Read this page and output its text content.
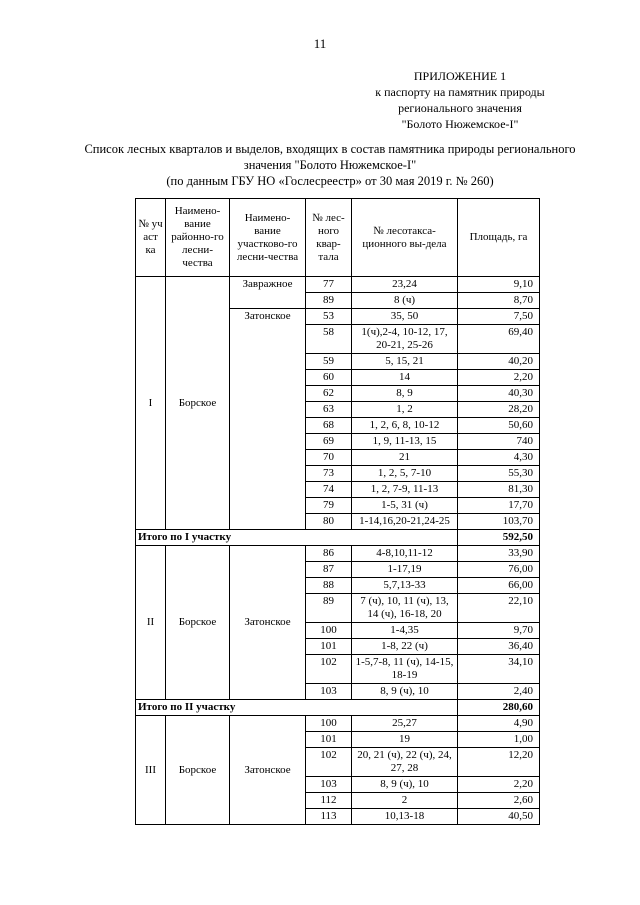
11
ПРИЛОЖЕНИЕ 1
к паспорту на памятник природы
регионального значения
"Болото Нюжемское-I"
Список лесных кварталов и выделов, входящих в состав памятника природы регионального
значения "Болото Нюжемское-I"
(по данным ГБУ НО «Гослесреестр» от 30 мая 2019 г. № 260)
№ уч аст ка	Наимено-вание районно-го лесни-чества	Наимено-вание участково-го лесни-чества	№ лес-ного квар-тала	№ лесотакса-ционного вы-дела	Площадь, га
I	Борское	Завражное	77	23,24	9,10
			89	8 (ч)	8,70
		Затонское	53	35, 50	7,50
			58	1(ч),2-4, 10-12, 17, 20-21, 25-26	69,40
			59	5, 15, 21	40,20
			60	14	2,20
			62	8, 9	40,30
			63	1, 2	28,20
			68	1, 2, 6, 8, 10-12	50,60
			69	1, 9, 11-13, 15	740
			70	21	4,30
			73	1, 2, 5, 7-10	55,30
			74	1, 2, 7-9, 11-13	81,30
			79	1-5, 31 (ч)	17,70
			80	1-14,16,20-21,24-25	103,70
Итого по I участку					592,50
II	Борское	Затонское	86	4-8,10,11-12	33,90
			87	1-17,19	76,00
			88	5,7,13-33	66,00
			89	7 (ч), 10, 11 (ч), 13, 14 (ч), 16-18, 20	22,10
			100	1-4,35	9,70
			101	1-8, 22 (ч)	36,40
			102	1-5,7-8, 11 (ч), 14-15, 18-19	34,10
			103	8, 9 (ч), 10	2,40
Итого по II участку					280,60
III	Борское	Затонское	100	25,27	4,90
			101	19	1,00
			102	20, 21 (ч), 22 (ч), 24, 27, 28	12,20
			103	8, 9 (ч), 10	2,20
			112	2	2,60
			113	10,13-18	40,50
